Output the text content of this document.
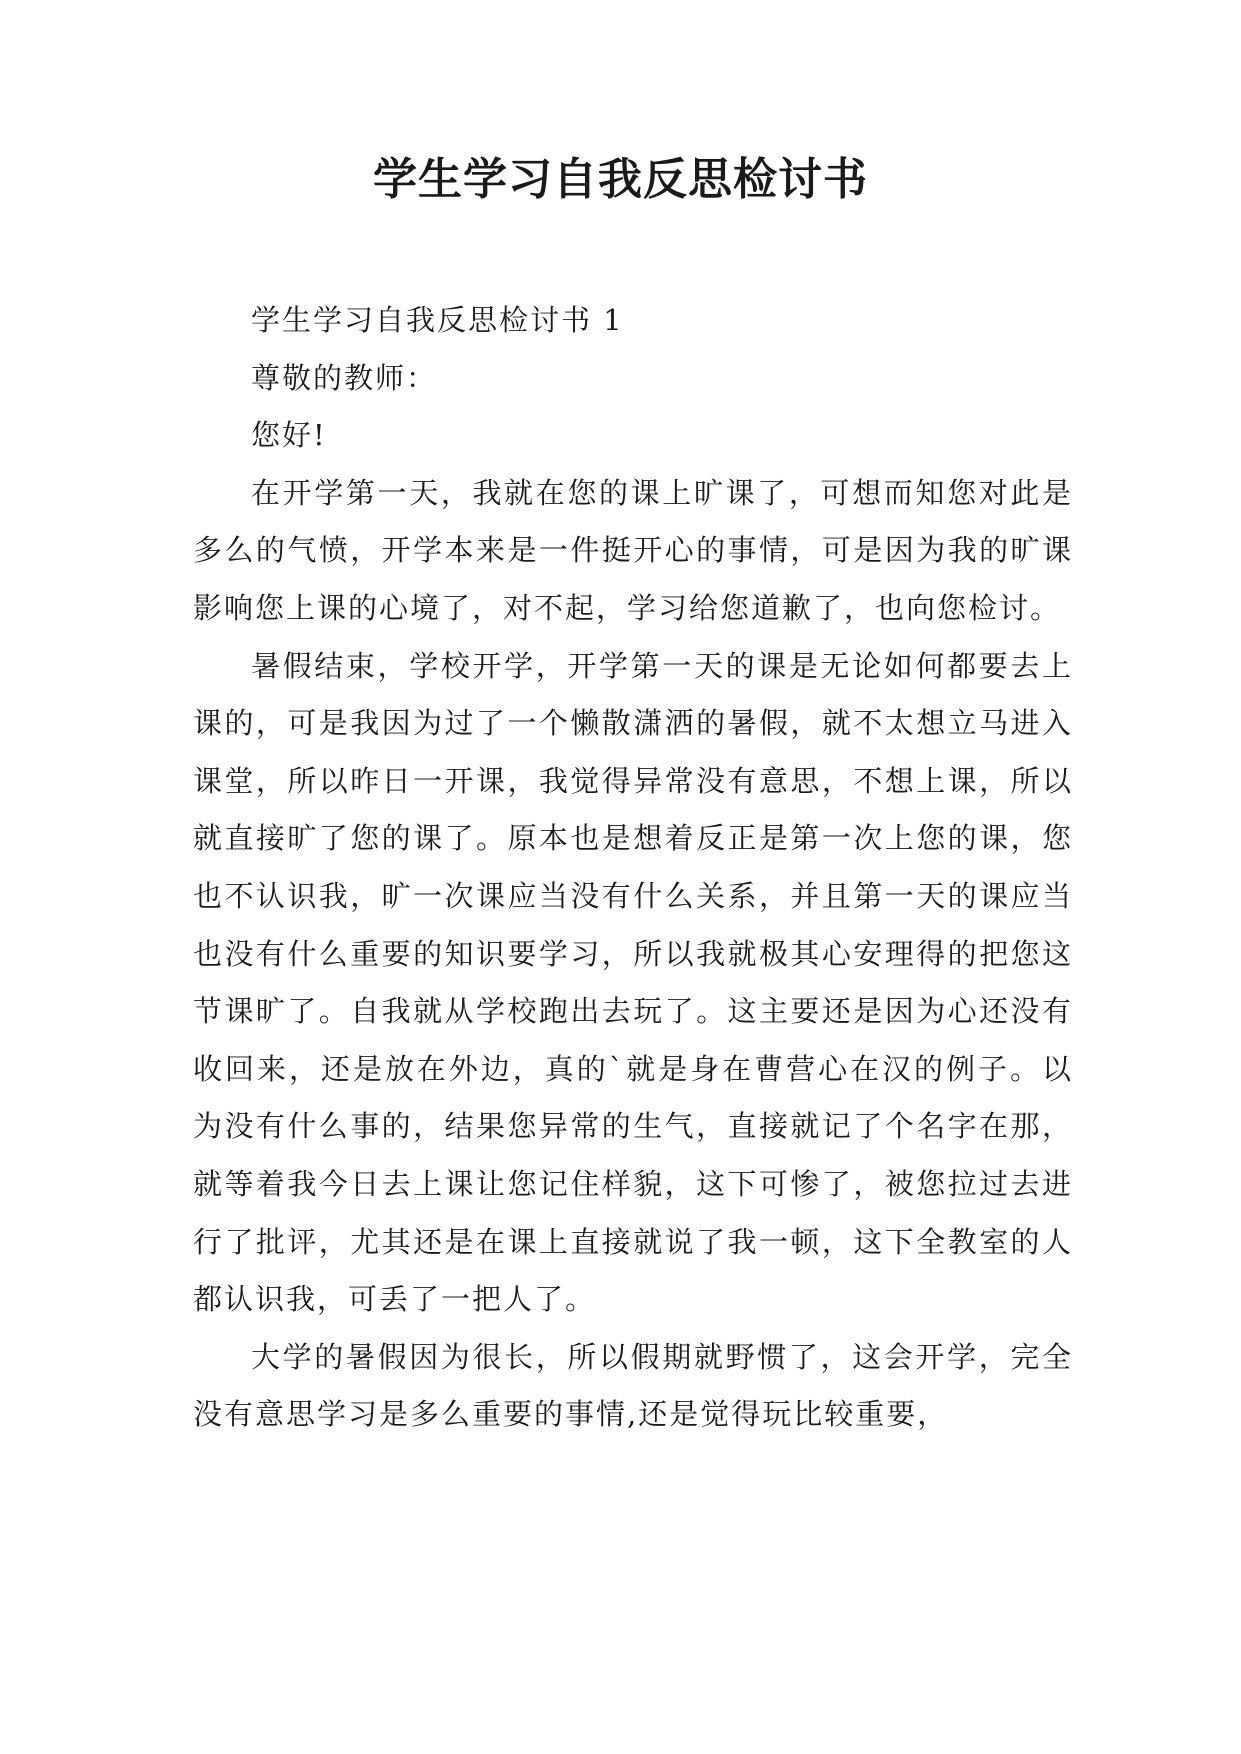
学生学习自我反思检讨书

学生学习自我反思检讨书 1

尊敬的教师：

您好!

在开学第一天，我就在您的课上旷课了，可想而知您对此是多么的气愤，开学本来是一件挺开心的事情，可是因为我的旷课影响您上课的心境了，对不起，学习给您道歉了，也向您检讨。

暑假结束，学校开学，开学第一天的课是无论如何都要去上课的，可是我因为过了一个懒散潇洒的暑假，就不太想立马进入课堂，所以昨日一开课，我觉得异常没有意思，不想上课，所以就直接旷了您的课了。原本也是想着反正是第一次上您的课，您也不认识我，旷一次课应当没有什么关系，并且第一天的课应当也没有什么重要的知识要学习，所以我就极其心安理得的把您这节课旷了。自我就从学校跑出去玩了。这主要还是因为心还没有收回来，还是放在外边，真的`就是身在曹营心在汉的例子。以为没有什么事的，结果您异常的生气，直接就记了个名字在那，就等着我今日去上课让您记住样貌，这下可惨了，被您拉过去进行了批评，尤其还是在课上直接就说了我一顿，这下全教室的人都认识我，可丢了一把人了。

大学的暑假因为很长，所以假期就野惯了，这会开学，完全没有意思学习是多么重要的事情,还是觉得玩比较重要，
